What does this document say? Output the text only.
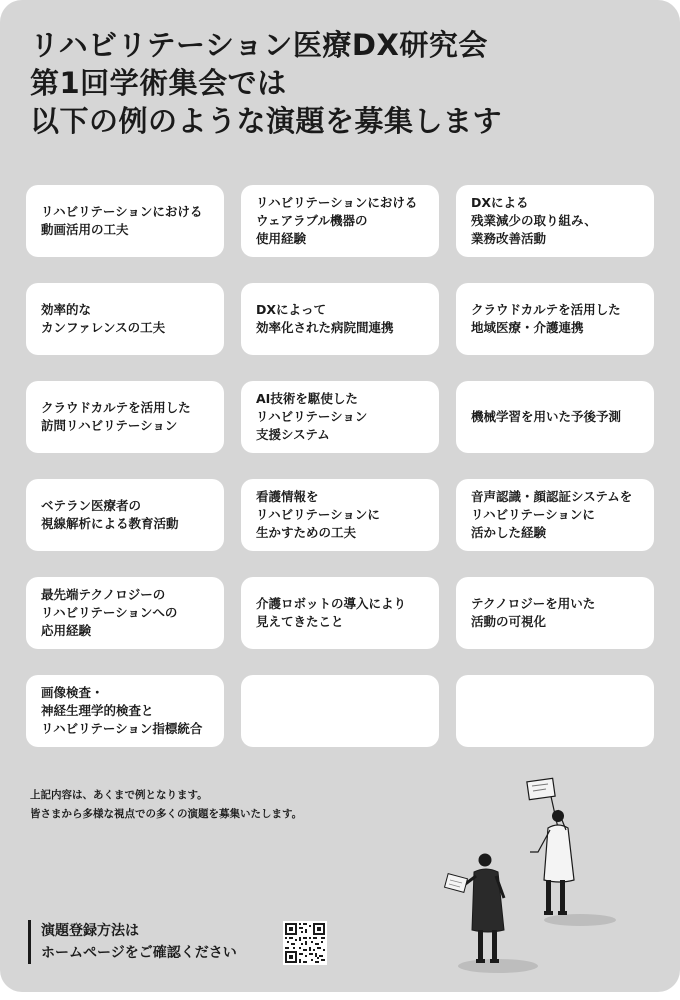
リハビリテーション医療DX研究会
第1回学術集会では
以下の例のような演題を募集します
リハビリテーションにおける
動画活用の工夫
リハビリテーションにおける
ウェアラブル機器の
使用経験
DXによる
残業減少の取り組み、
業務改善活動
効率的な
カンファレンスの工夫
DXによって
効率化された病院間連携
クラウドカルテを活用した
地域医療・介護連携
クラウドカルテを活用した
訪問リハビリテーション
AI技術を駆使した
リハビリテーション
支援システム
機械学習を用いた予後予測
ベテラン医療者の
視線解析による教育活動
看護情報を
リハビリテーションに
生かすための工夫
音声認識・顔認証システムを
リハビリテーションに
活かした経験
最先端テクノロジーの
リハビリテーションへの
応用経験
介護ロボットの導入により
見えてきたこと
テクノロジーを用いた
活動の可視化
画像検査・
神経生理学的検査と
リハビリテーション指標統合
上記内容は、あくまで例となります。
皆さまから多様な視点での多くの演題を募集いたします。
演題登録方法は
ホームページをご確認ください
